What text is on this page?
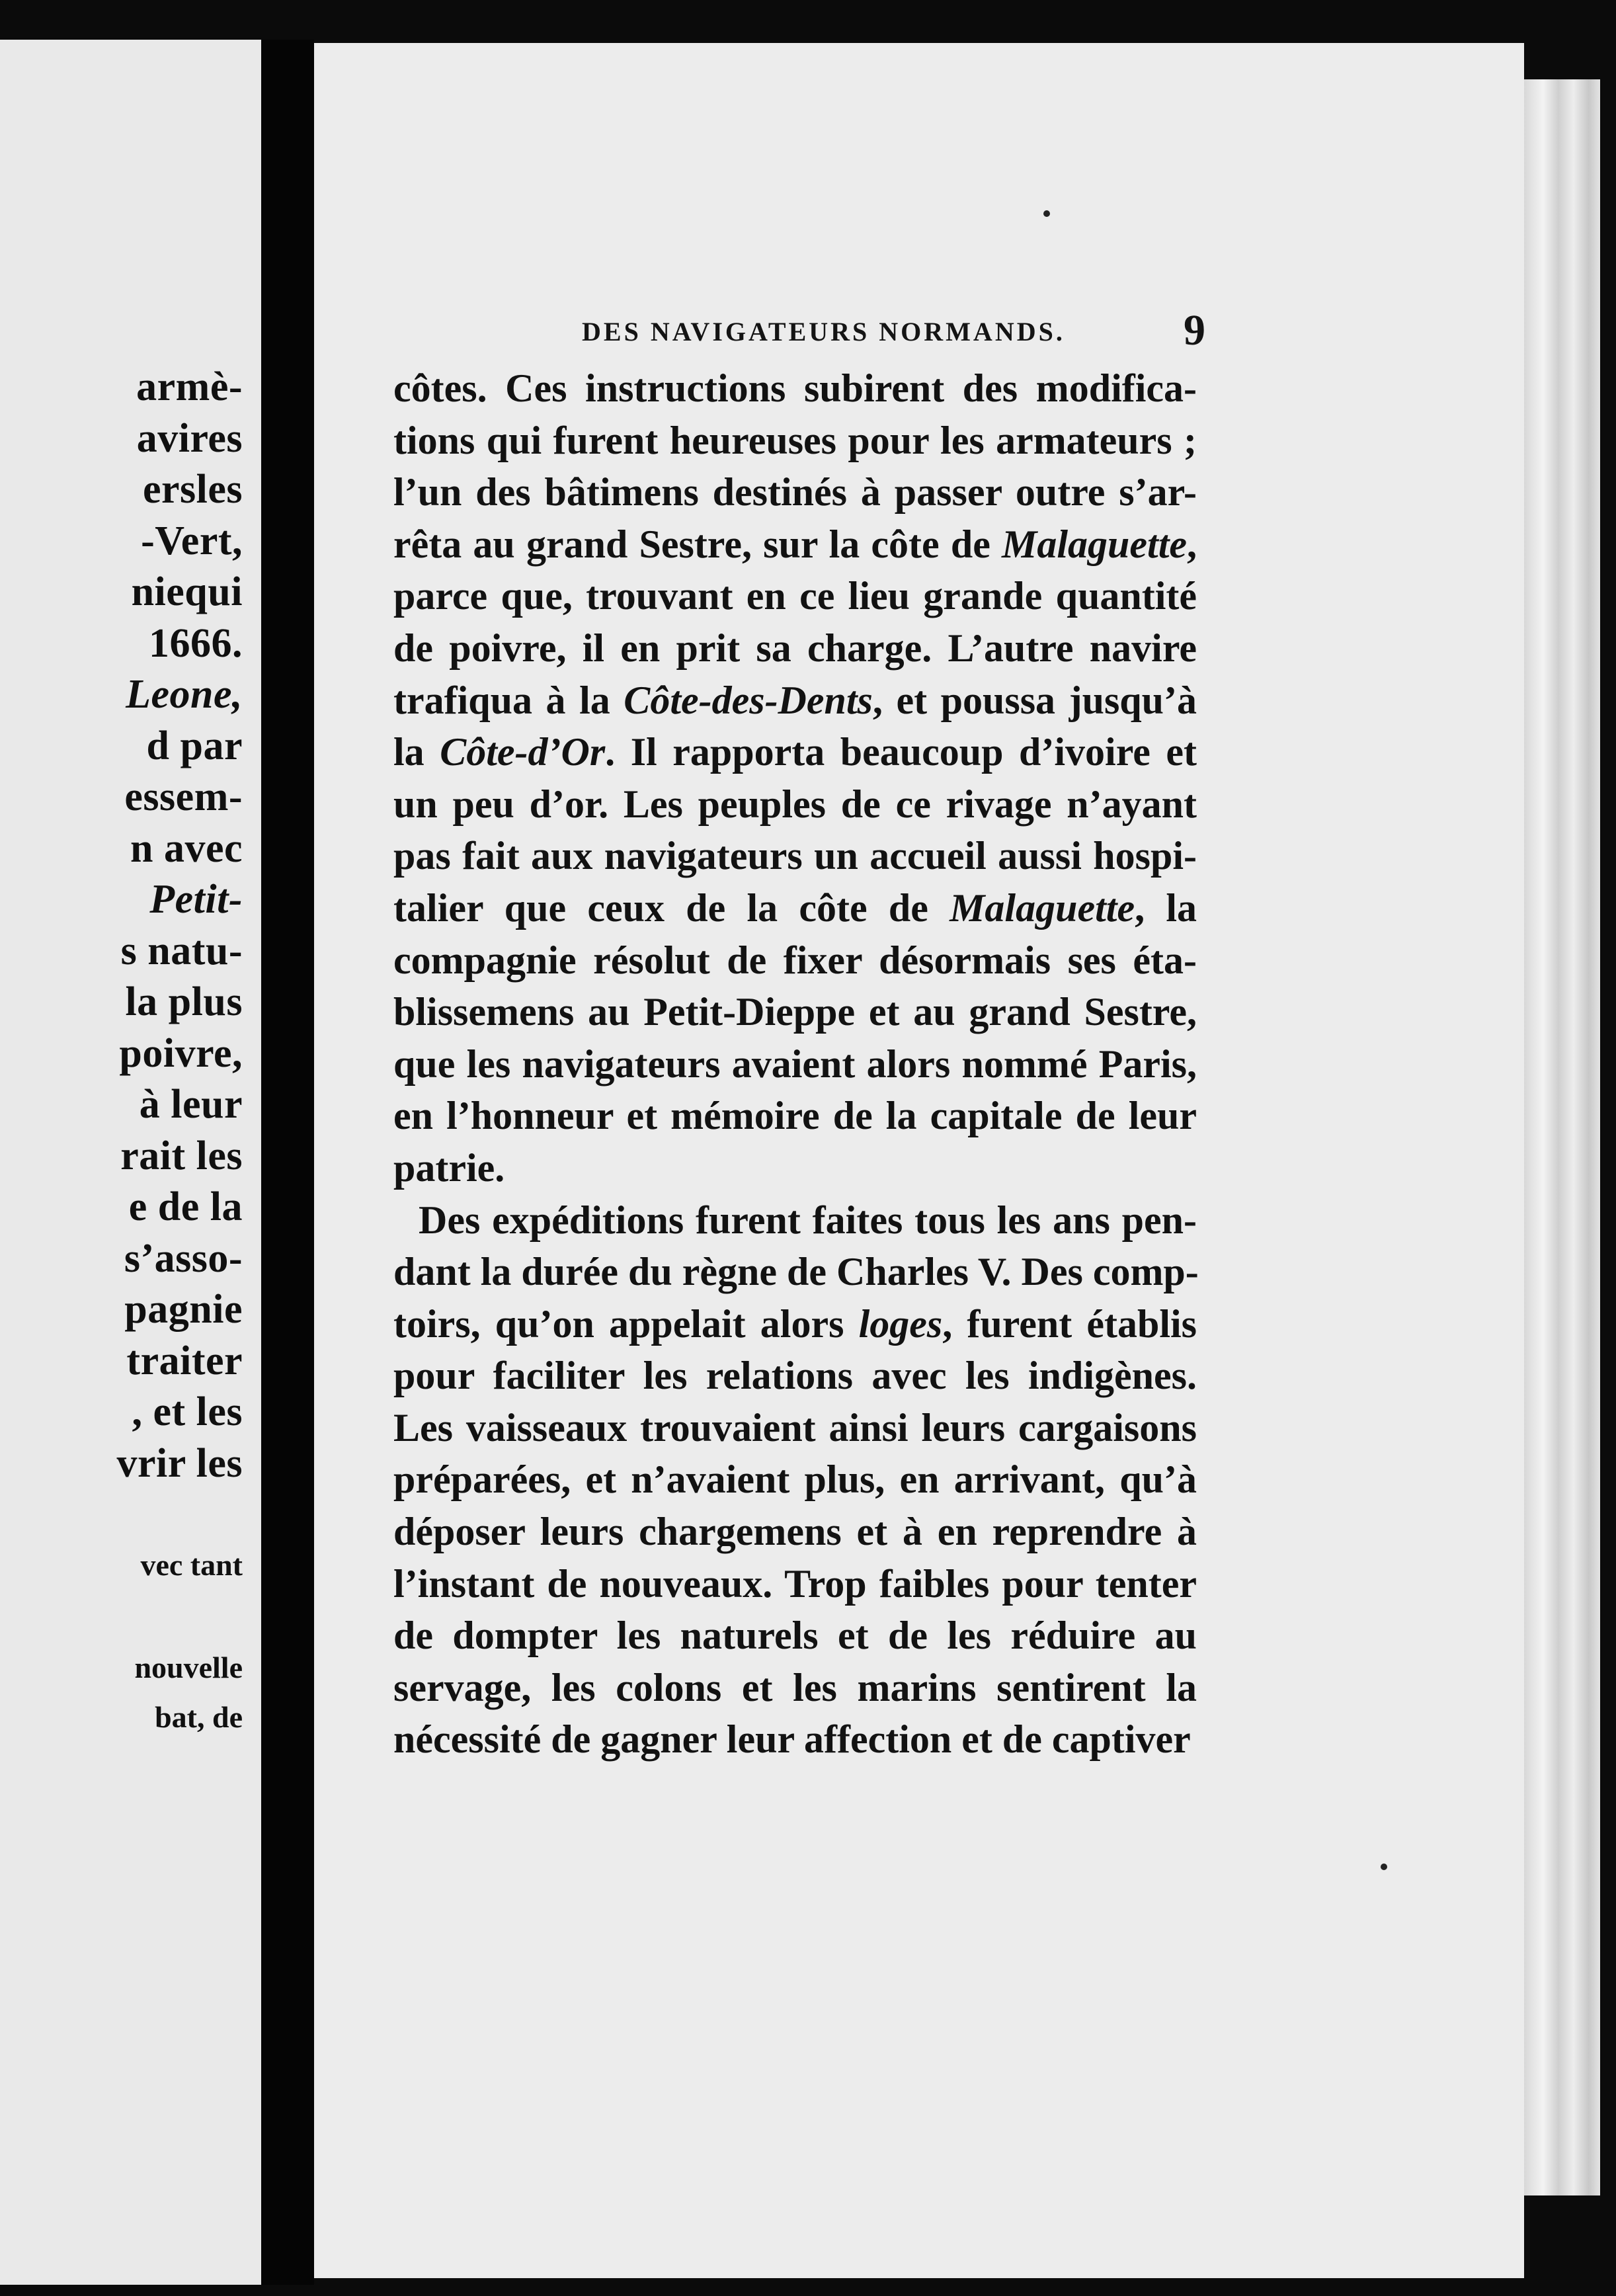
armè-
avires
ersles
-Vert,
niequi
1666.
Leone,
d par
essem-
n avec
Petit-
s natu-
la plus
poivre,
à leur
rait les
e de la
s’asso-
pagnie
traiter
, et les
vrir les
vec tant
nouvelle
bat, de
DES NAVIGATEURS NORMANDS.	9
côtes. Ces instructions subirent des modifica-
tions qui furent heureuses pour les armateurs ;
l’un des bâtimens destinés à passer outre s’ar-
rêta au grand Sestre, sur la côte de Malaguette,
parce que, trouvant en ce lieu grande quantité
de poivre, il en prit sa charge. L’autre navire
trafiqua à la Côte-des-Dents, et poussa jusqu’à
la Côte-d’Or. Il rapporta beaucoup d’ivoire et
un peu d’or. Les peuples de ce rivage n’ayant
pas fait aux navigateurs un accueil aussi hospi-
talier que ceux de la côte de Malaguette, la
compagnie résolut de fixer désormais ses éta-
blissemens au Petit-Dieppe et au grand Sestre,
que les navigateurs avaient alors nommé Paris,
en l’honneur et mémoire de la capitale de leur
patrie.
Des expéditions furent faites tous les ans pen-
dant la durée du règne de Charles V. Des comp-
toirs, qu’on appelait alors loges, furent établis
pour faciliter les relations avec les indigènes.
Les vaisseaux trouvaient ainsi leurs cargaisons
préparées, et n’avaient plus, en arrivant, qu’à
déposer leurs chargemens et à en reprendre à
l’instant de nouveaux. Trop faibles pour tenter
de dompter les naturels et de les réduire au
servage, les colons et les marins sentirent la
nécessité de gagner leur affection et de captiver
